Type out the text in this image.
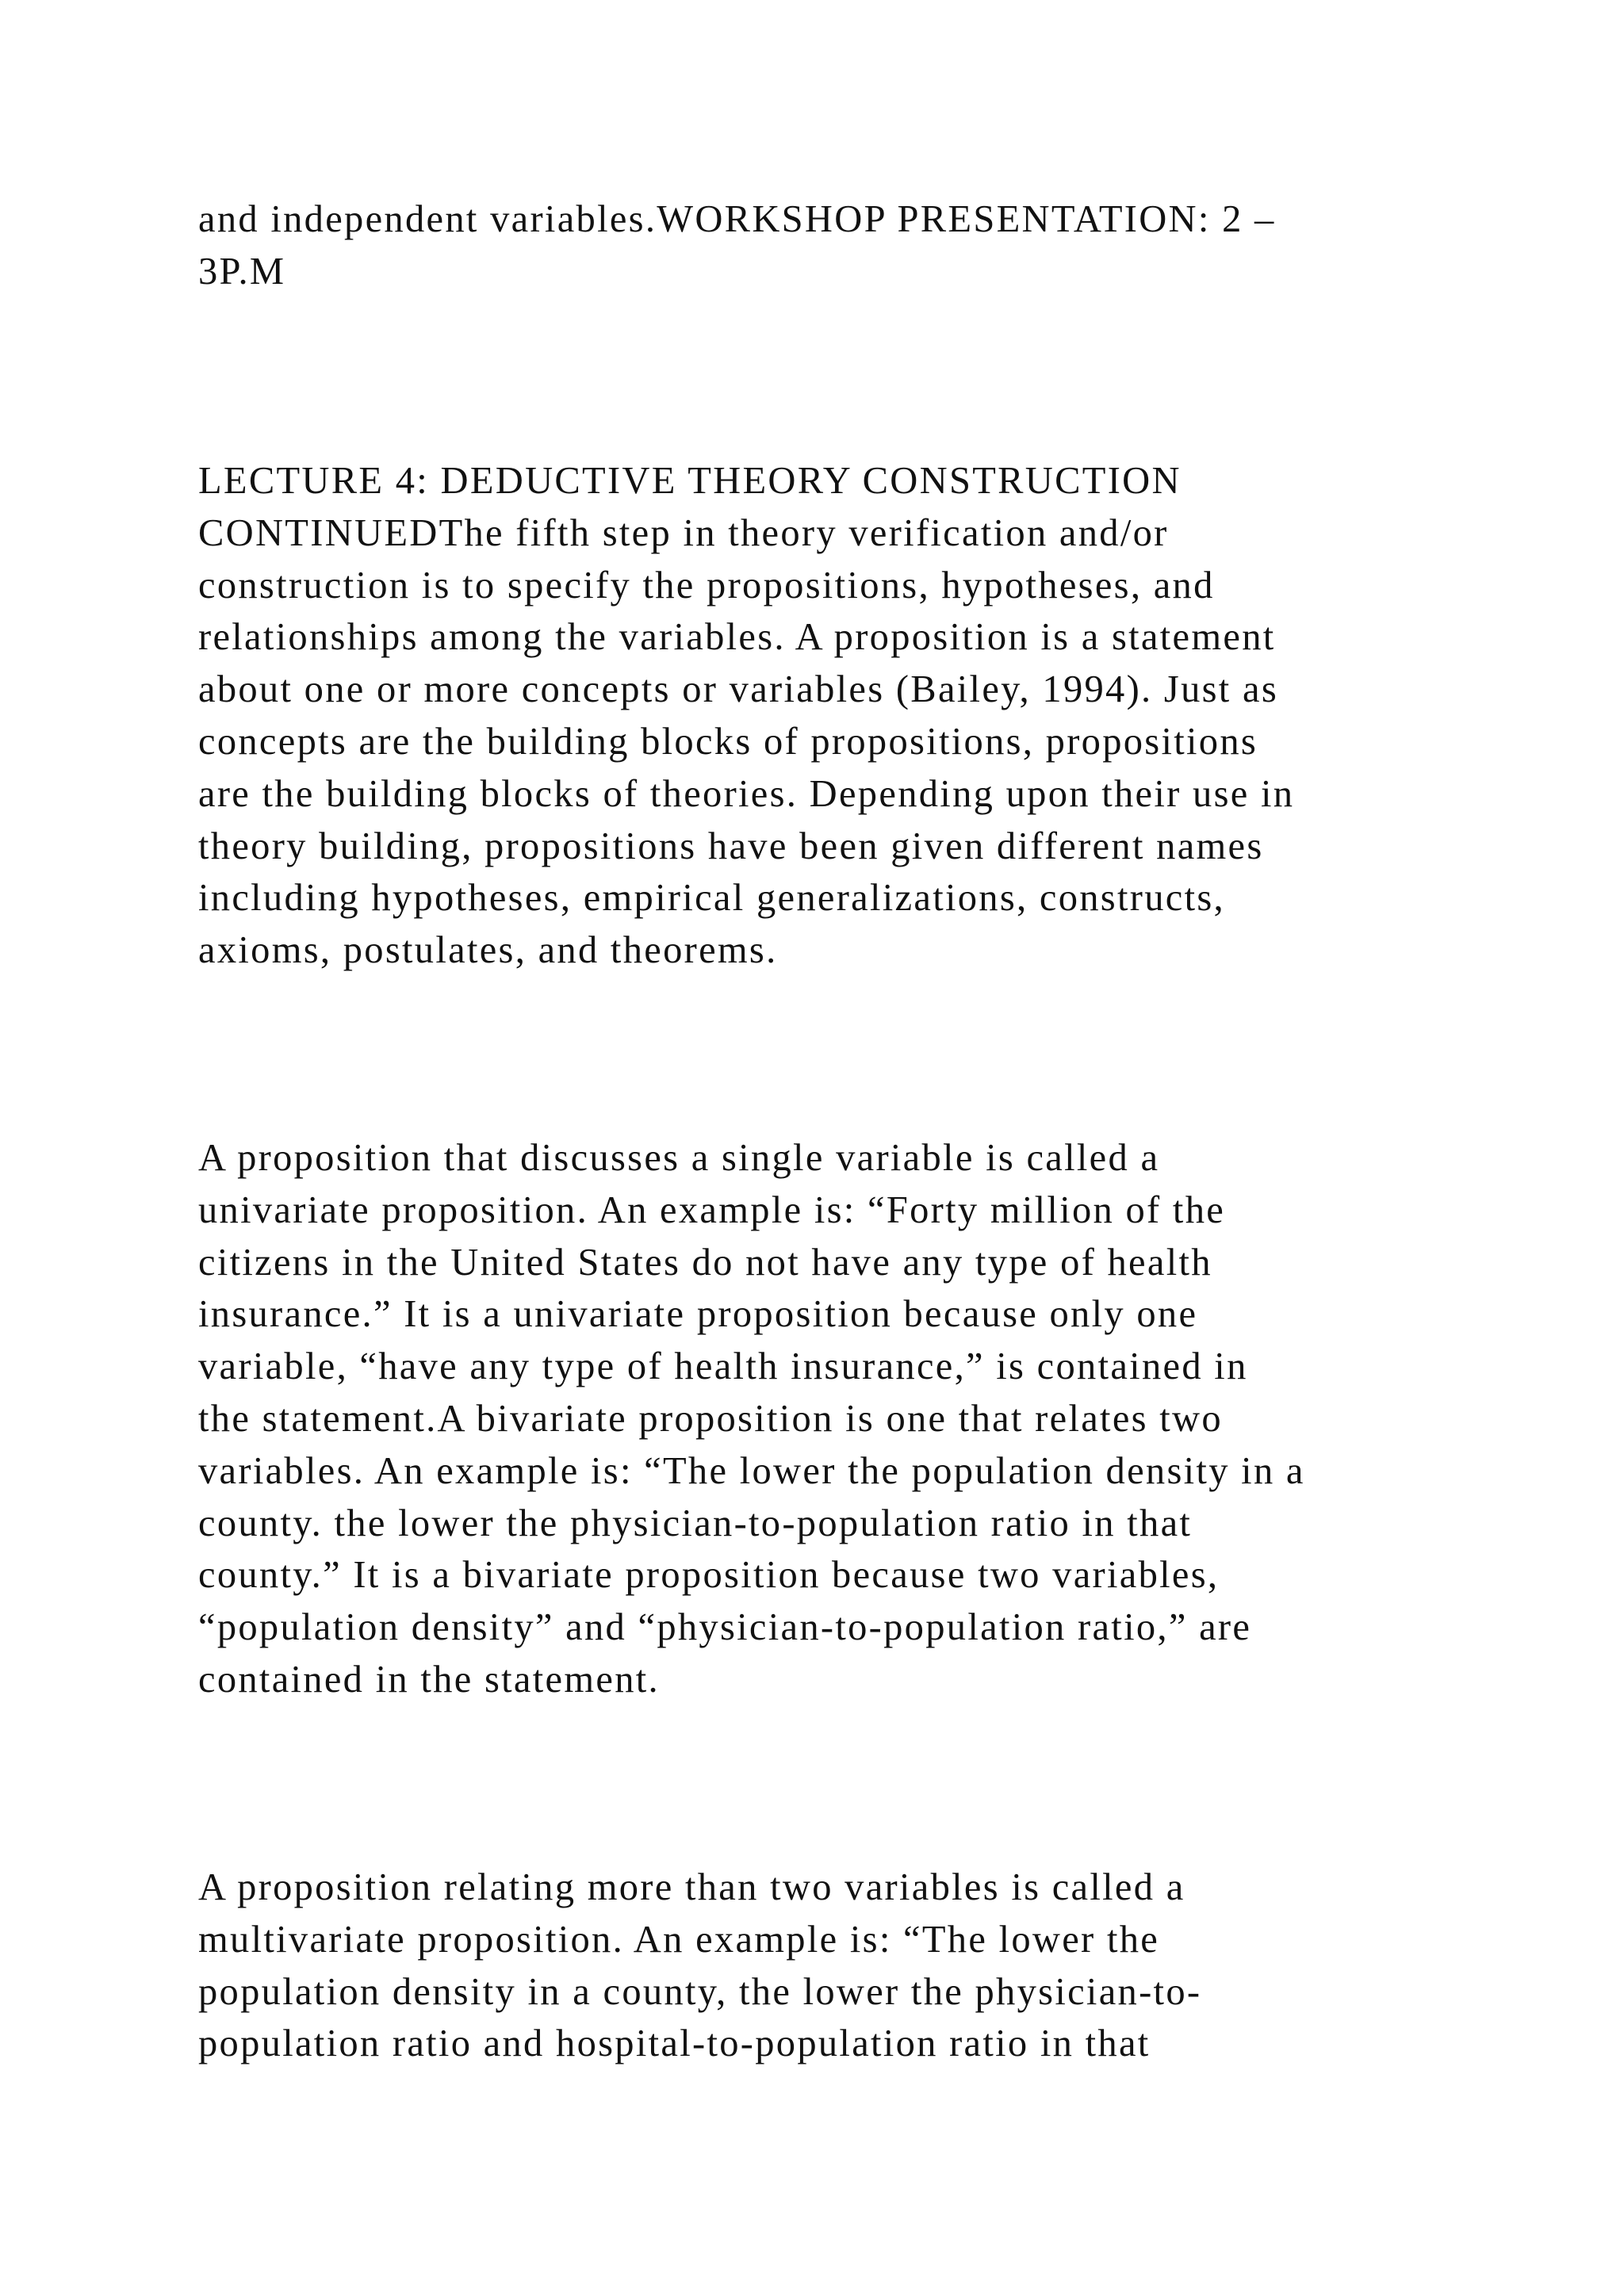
and independent variables.WORKSHOP PRESENTATION: 2 –
3P.M

LECTURE 4: DEDUCTIVE THEORY CONSTRUCTION
CONTINUEDThe fifth step in theory verification and/or
construction is to specify the propositions, hypotheses, and
relationships among the variables. A proposition is a statement
about one or more concepts or variables (Bailey, 1994). Just as
concepts are the building blocks of propositions, propositions
are the building blocks of theories. Depending upon their use in
theory building, propositions have been given different names
including hypotheses, empirical generalizations, constructs,
axioms, postulates, and theorems.

A proposition that discusses a single variable is called a
univariate proposition. An example is: “Forty million of the
citizens in the United States do not have any type of health
insurance.” It is a univariate proposition because only one
variable, “have any type of health insurance,” is contained in
the statement.A bivariate proposition is one that relates two
variables. An example is: “The lower the population density in a
county. the lower the physician-to-population ratio in that
county.” It is a bivariate proposition because two variables,
“population density” and “physician-to-population ratio,” are
contained in the statement.

A proposition relating more than two variables is called a
multivariate proposition. An example is: “The lower the
population density in a county, the lower the physician-to-
population ratio and hospital-to-population ratio in that
